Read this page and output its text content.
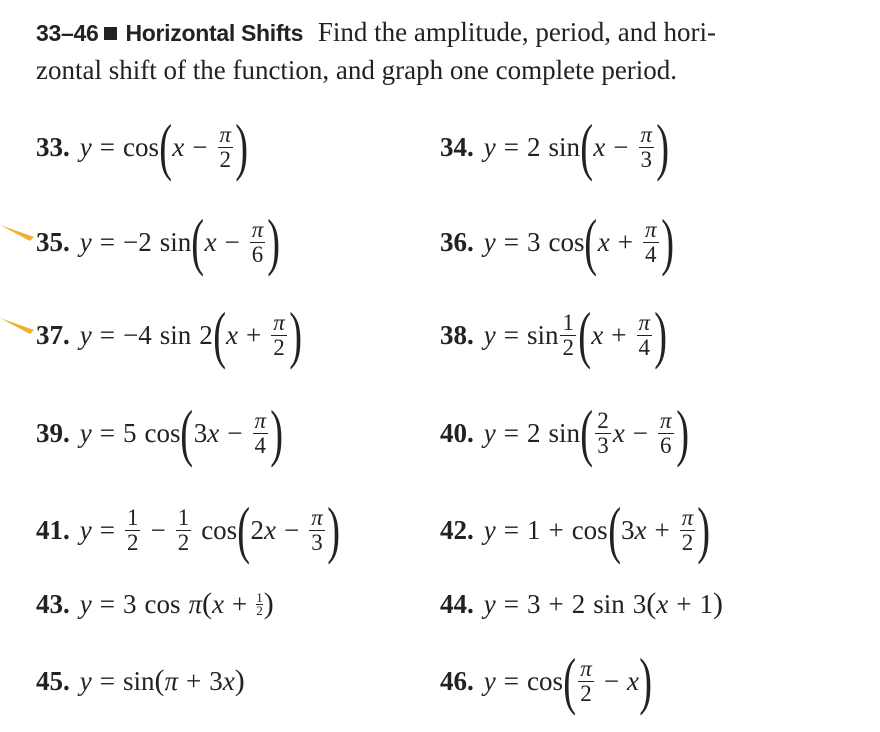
33–46 Horizontal Shifts Find the amplitude, period, and hori-
zontal shift of the function, and graph one complete period.
33. y = cos ( $x - \frac{\pi}{2}$ )	34. y = 2 sin ( $x - \frac{\pi}{3}$ )
35. y = −2 sin ( $x - \frac{\pi}{6}$ )	36. y = 3 cos ( $x + \frac{\pi}{4}$ )
37. y = −4 sin 2 ( $x + \frac{\pi}{2}$ )	38. $y = \sin \frac{1}{2}$ ( $x + \frac{\pi}{4}$ )
39. y = 5 cos ( 3 $x - \frac{\pi}{4}$ )	40. y = 2 sin ( $\frac{2}{3}$ $x - \frac{\pi}{6}$ )
41. $y = \frac{1}{2} - \frac{1}{2}$ cos ( 2 $x - \frac{\pi}{3}$ )	42. y = 1 + cos ( 3 $x + \frac{\pi}{2}$ )
43. y = 3 cos π ( $x + \frac{1}{2}$ )	44. y = 3 + 2 sin 3 ( x + 1 )
45. y = sin ( π + 3 x )	46. y = cos ( $\frac{\pi}{2} - x$ )
